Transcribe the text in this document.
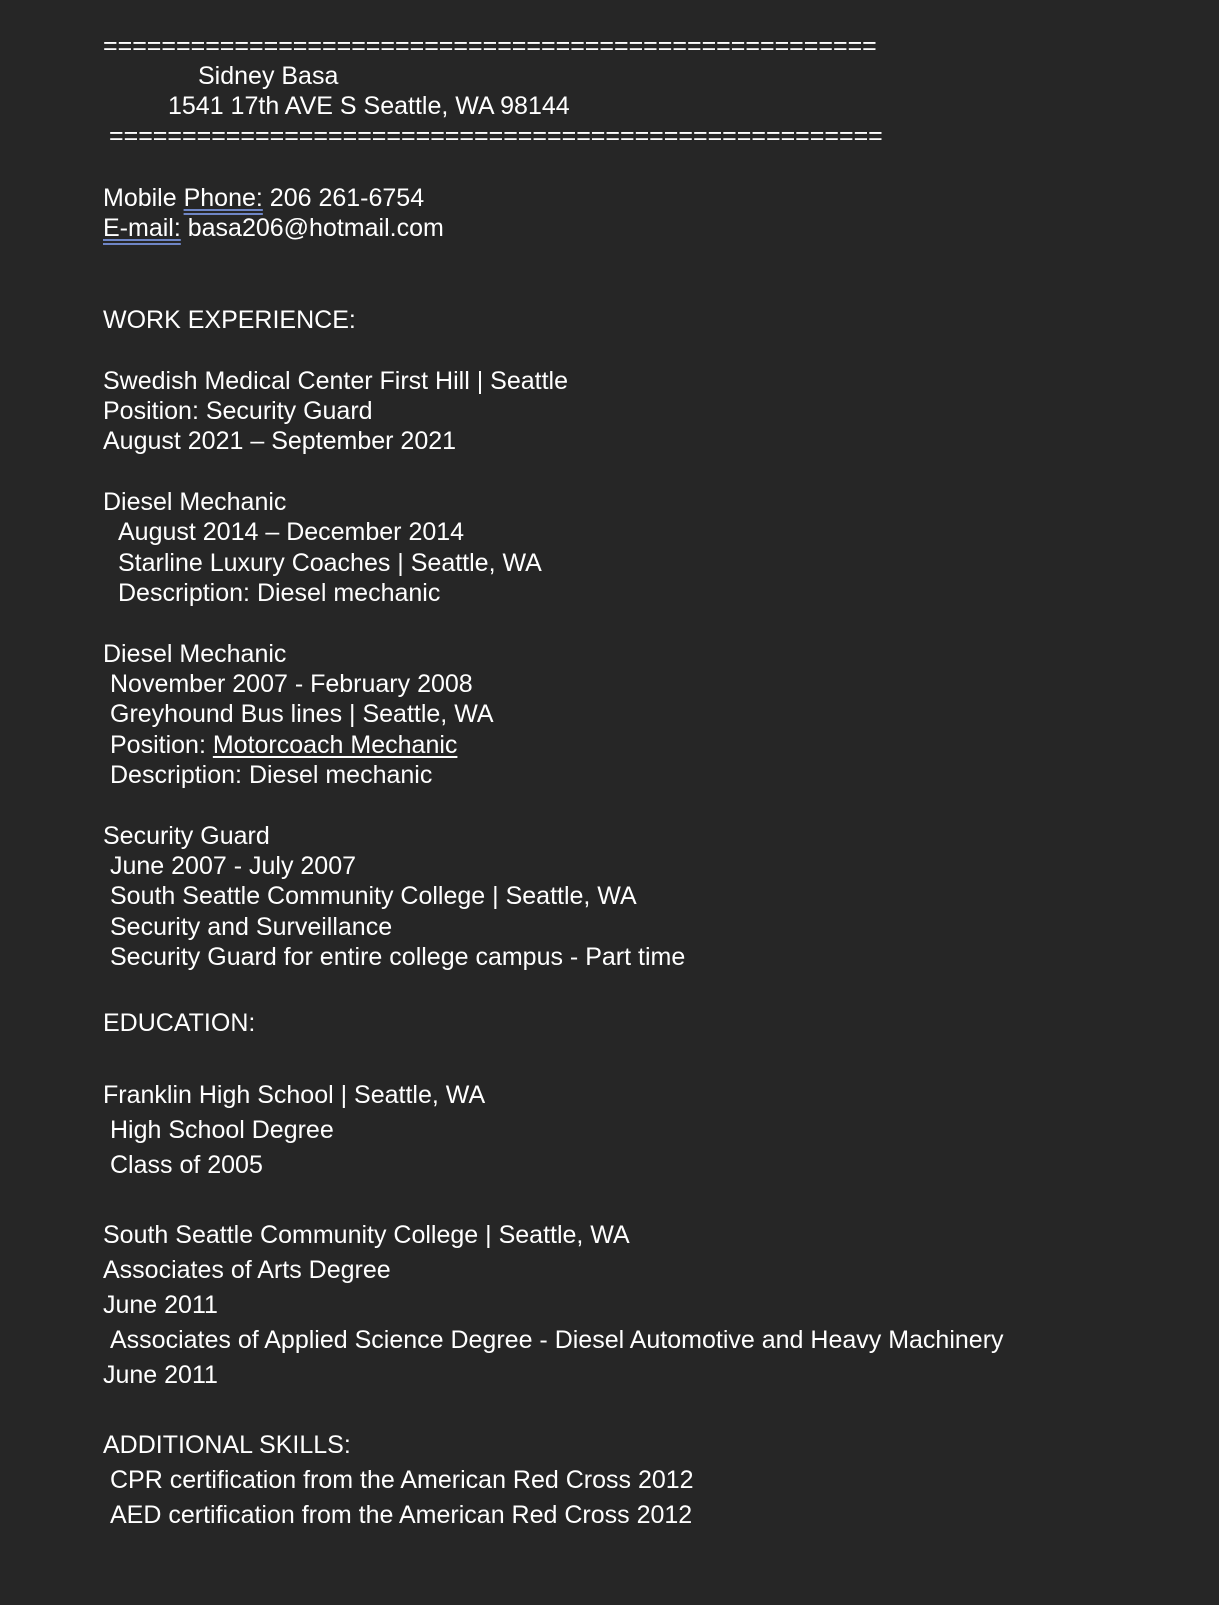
=====================================================
Sidney Basa
1541 17th AVE S Seattle, WA 98144
=====================================================
Mobile Phone: 206 261-6754
E-mail: basa206@hotmail.com
WORK EXPERIENCE:
Swedish Medical Center First Hill | Seattle
Position: Security Guard
August 2021 – September 2021
Diesel Mechanic
August 2014 – December 2014
Starline Luxury Coaches | Seattle, WA
Description: Diesel mechanic
Diesel Mechanic
November 2007 - February 2008
Greyhound Bus lines | Seattle, WA
Position: Motorcoach Mechanic
Description: Diesel mechanic
Security Guard
June 2007 - July 2007
South Seattle Community College | Seattle, WA
Security and Surveillance
Security Guard for entire college campus - Part time
EDUCATION:
Franklin High School | Seattle, WA
High School Degree
Class of 2005
South Seattle Community College | Seattle, WA
Associates of Arts Degree
June 2011
Associates of Applied Science Degree - Diesel Automotive and Heavy Machinery
June 2011
ADDITIONAL SKILLS:
CPR certification from the American Red Cross 2012
AED certification from the American Red Cross 2012
